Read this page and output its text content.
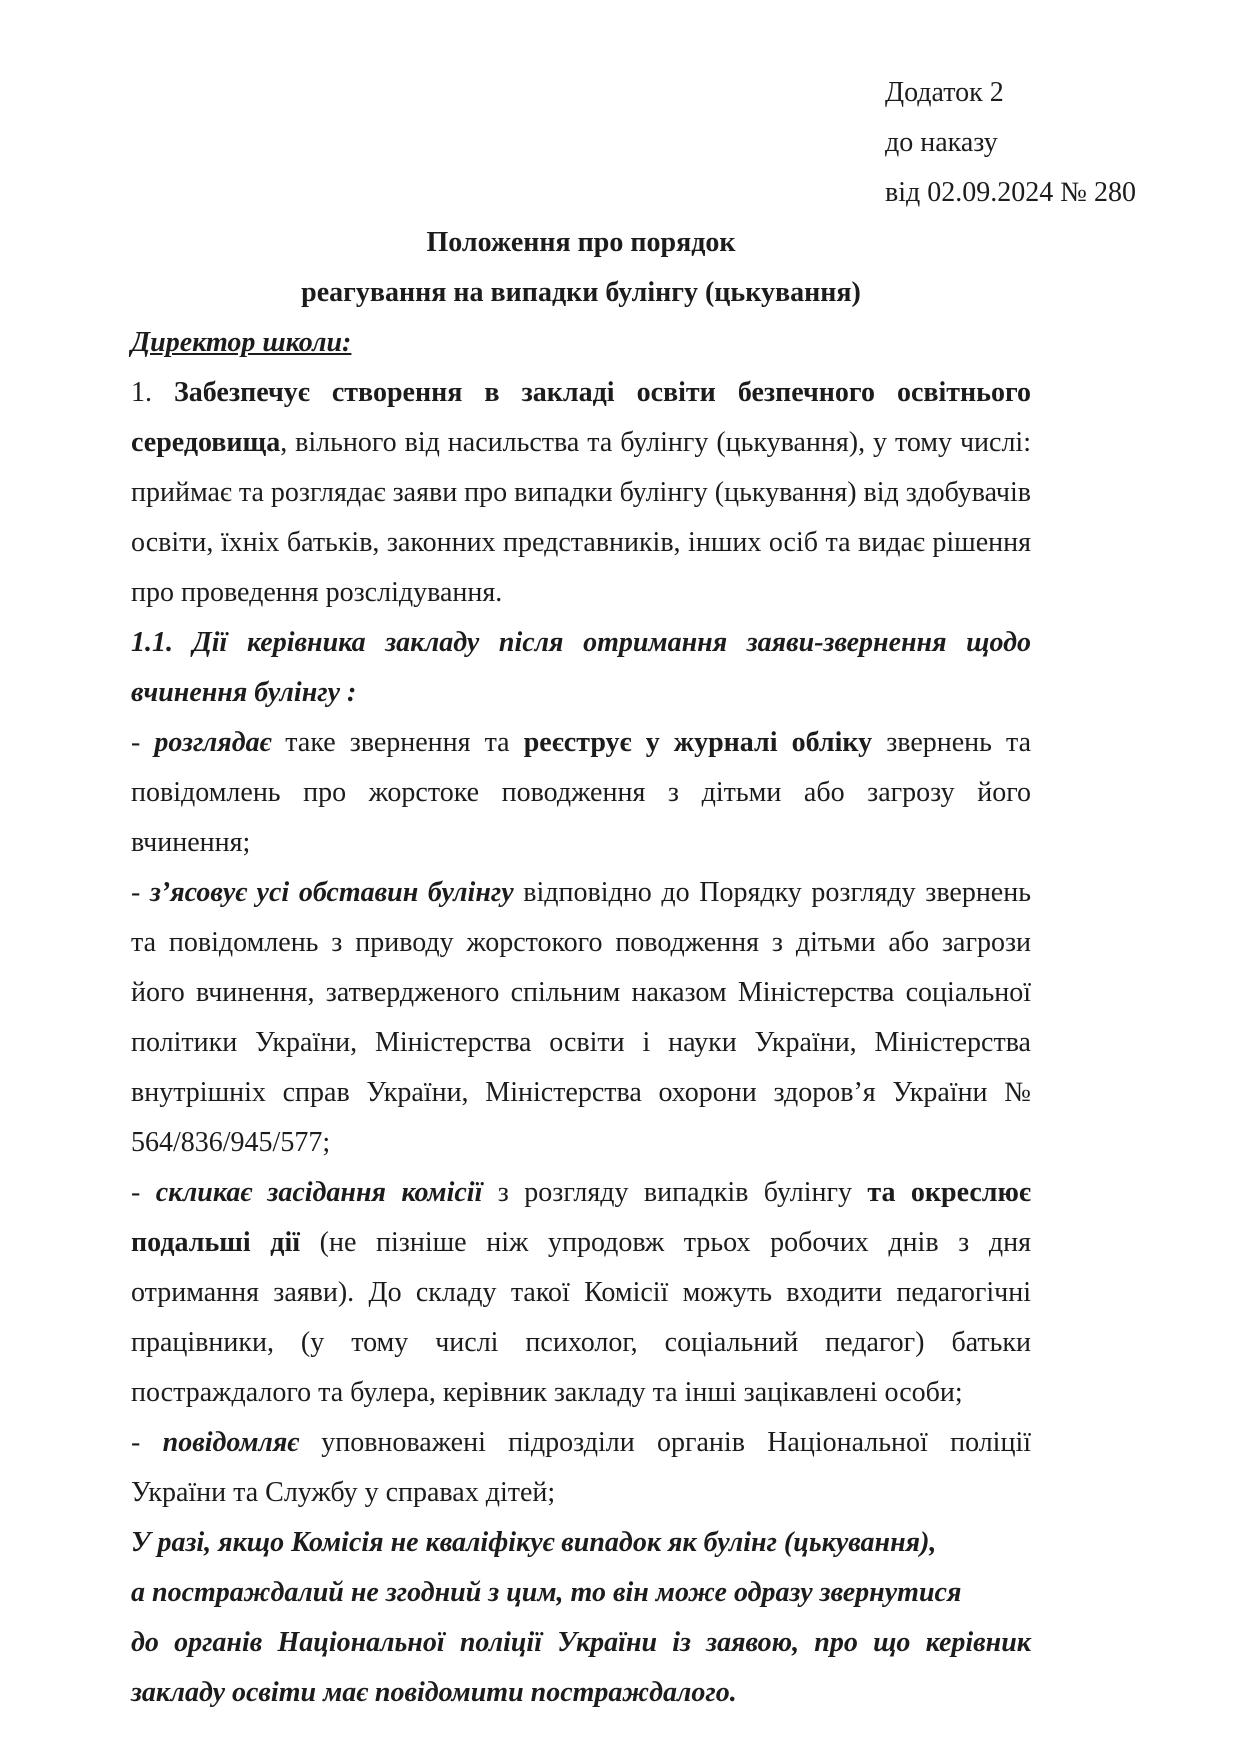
Додаток 2
до наказу
від 02.09.2024 № 280
Положення про порядок
реагування на випадки булінгу (цькування)
Директор школи:

1. Забезпечує створення в закладі освіти безпечного освітнього середовища, вільного від насильства та булінгу (цькування), у тому числі: приймає та розглядає заяви про випадки булінгу (цькування) від здобувачів освіти, їхніх батьків, законних представників, інших осіб та видає рішення про проведення розслідування.

1.1. Дії керівника закладу після отримання заяви-звернення щодо вчинення булінгу :

- розглядає таке звернення та реєструє у журналі обліку звернень та повідомлень про жорстоке поводження з дітьми або загрозу його вчинення;

- з’ясовує усі обставин булінгу відповідно до Порядку розгляду звернень та повідомлень з приводу жорстокого поводження з дітьми або загрози його вчинення, затвердженого спільним наказом Міністерства соціальної політики України, Міністерства освіти і науки України, Міністерства внутрішніх справ України, Міністерства охорони здоров’я України № 564/836/945/577;

- скликає засідання комісії з розгляду випадків булінгу та окреслює подальші дії (не пізніше ніж упродовж трьох робочих днів з дня отримання заяви). До складу такої Комісії можуть входити педагогічні працівники, (у тому числі психолог, соціальний педагог) батьки постраждалого та булера, керівник закладу та інші зацікавлені особи;

- повідомляє уповноважені підрозділи органів Національної поліції України та Службу у справах дітей;

У разі, якщо Комісія не кваліфікує випадок як булінг (цькування),

а постраждалий не згодний з цим, то він може одразу звернутися

до органів Національної поліції України із заявою, про що керівник закладу освіти має повідомити постраждалого.
